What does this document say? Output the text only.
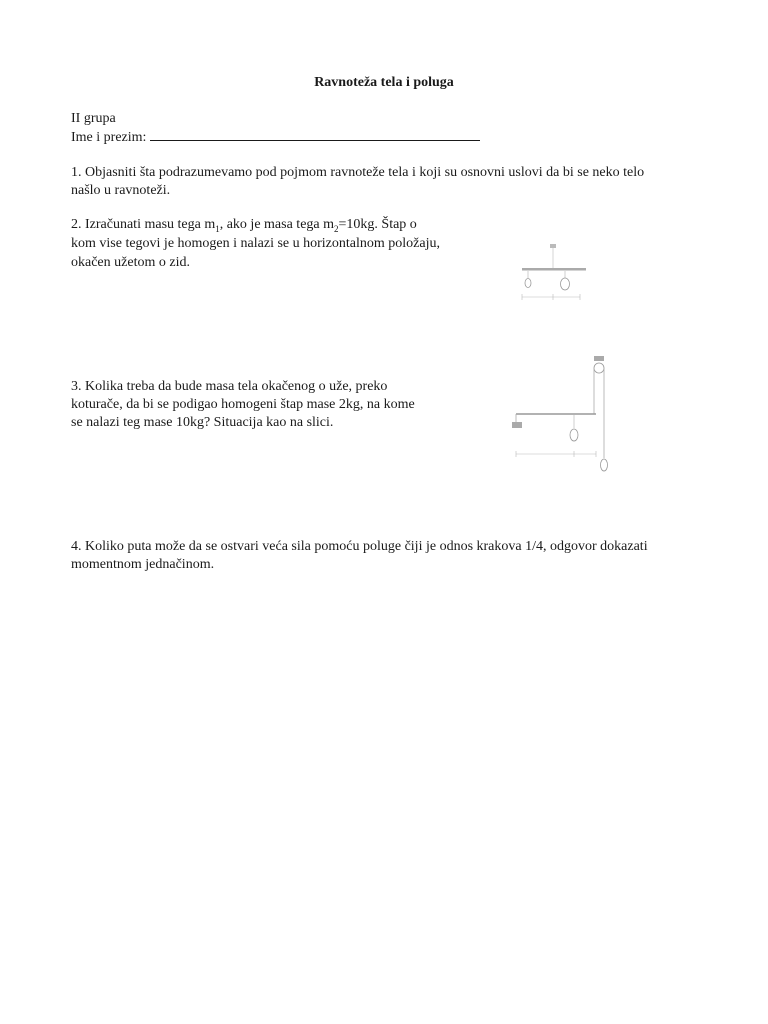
Ravnoteža tela i poluga
II grupa
Ime i prezim:
1. Objasniti šta podrazumevamo pod pojmom ravnoteže tela i koji su osnovni uslovi da bi se neko telo
našlo u ravnoteži.
2. Izračunati masu tega $m_1$, ako je masa tega $m_2=10kg$. Štap o
kom vise tegovi je homogen i nalazi se u horizontalnom položaju,
okačen užetom o zid.
3. Kolika treba da bude masa tela okačenog o uže, preko
koturače, da bi se podigao homogeni štap mase 2kg, na kome
se nalazi teg mase 10kg? Situacija kao na slici.
4. Koliko puta može da se ostvari veća sila pomoću poluge čiji je odnos krakova 1/4, odgovor dokazati
momentnom jednačinom.
